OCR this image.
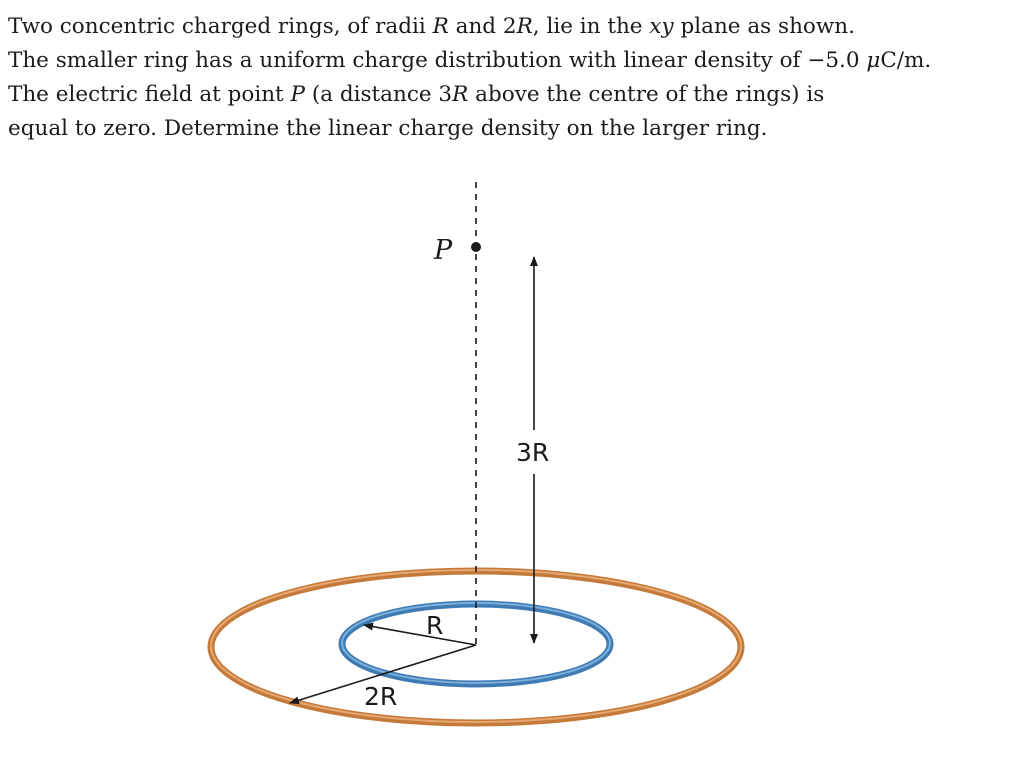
Two concentric charged rings, of radii R and 2R, lie in the xy plane as shown.
The smaller ring has a uniform charge distribution with linear density of −5.0 μC/m.
The electric field at point P (a distance 3R above the centre of the rings) is
equal to zero. Determine the linear charge density on the larger ring.
P
3R
R
2R
